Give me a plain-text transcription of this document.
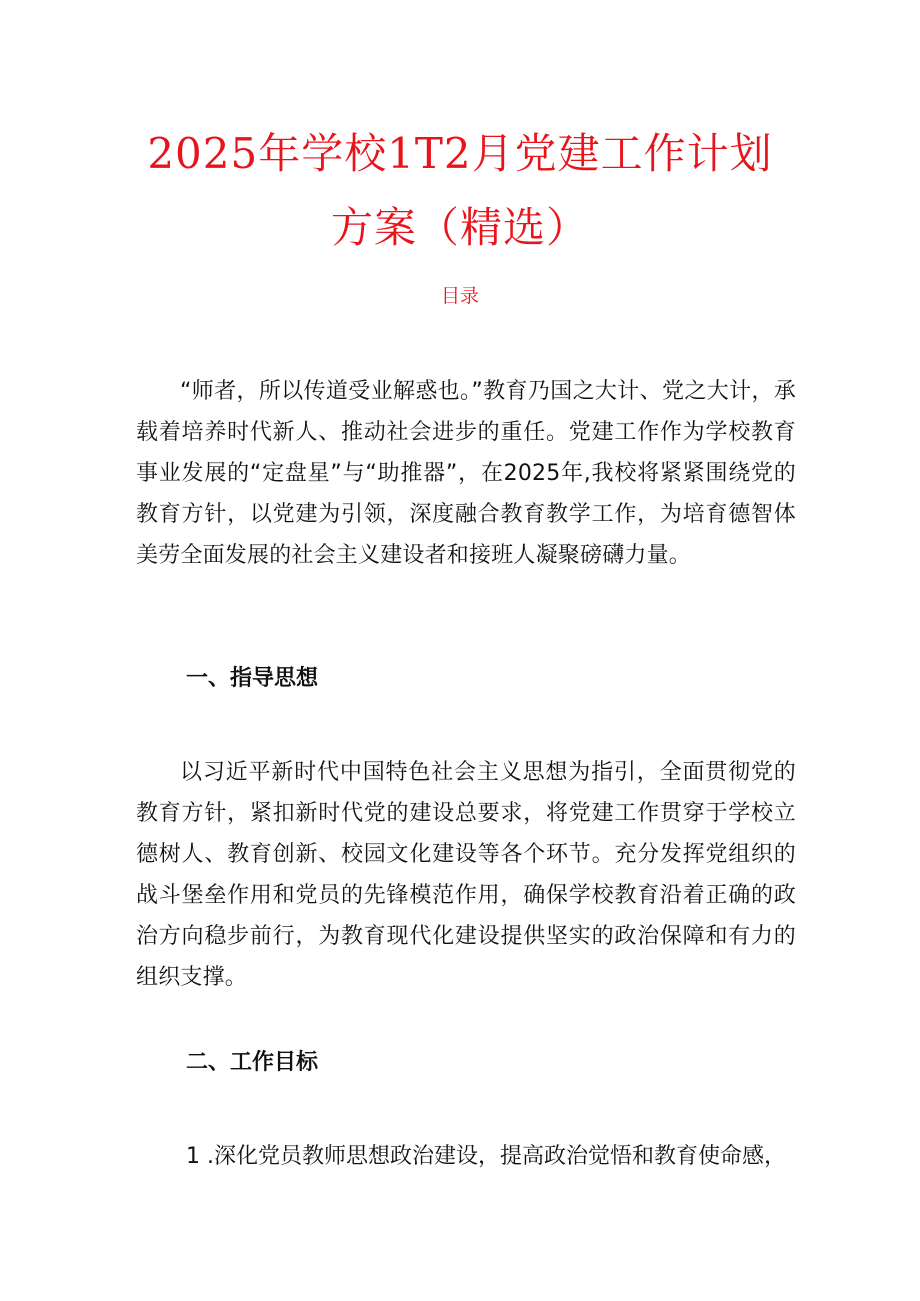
2025年学校1T2月党建工作计划
方案（精选）
目录

“师者，所以传道受业解惑也。”教育乃国之大计、党之大计，承载着培养时代新人、推动社会进步的重任。党建工作作为学校教育事业发展的“定盘星”与“助推器”，在2025年,我校将紧紧围绕党的教育方针，以党建为引领，深度融合教育教学工作，为培育德智体美劳全面发展的社会主义建设者和接班人凝聚磅礴力量。

一、指导思想

以习近平新时代中国特色社会主义思想为指引，全面贯彻党的教育方针，紧扣新时代党的建设总要求，将党建工作贯穿于学校立德树人、教育创新、校园文化建设等各个环节。充分发挥党组织的战斗堡垒作用和党员的先锋模范作用，确保学校教育沿着正确的政治方向稳步前行，为教育现代化建设提供坚实的政治保障和有力的组织支撑。

二、工作目标

1 .深化党员教师思想政治建设，提高政治觉悟和教育使命感，
